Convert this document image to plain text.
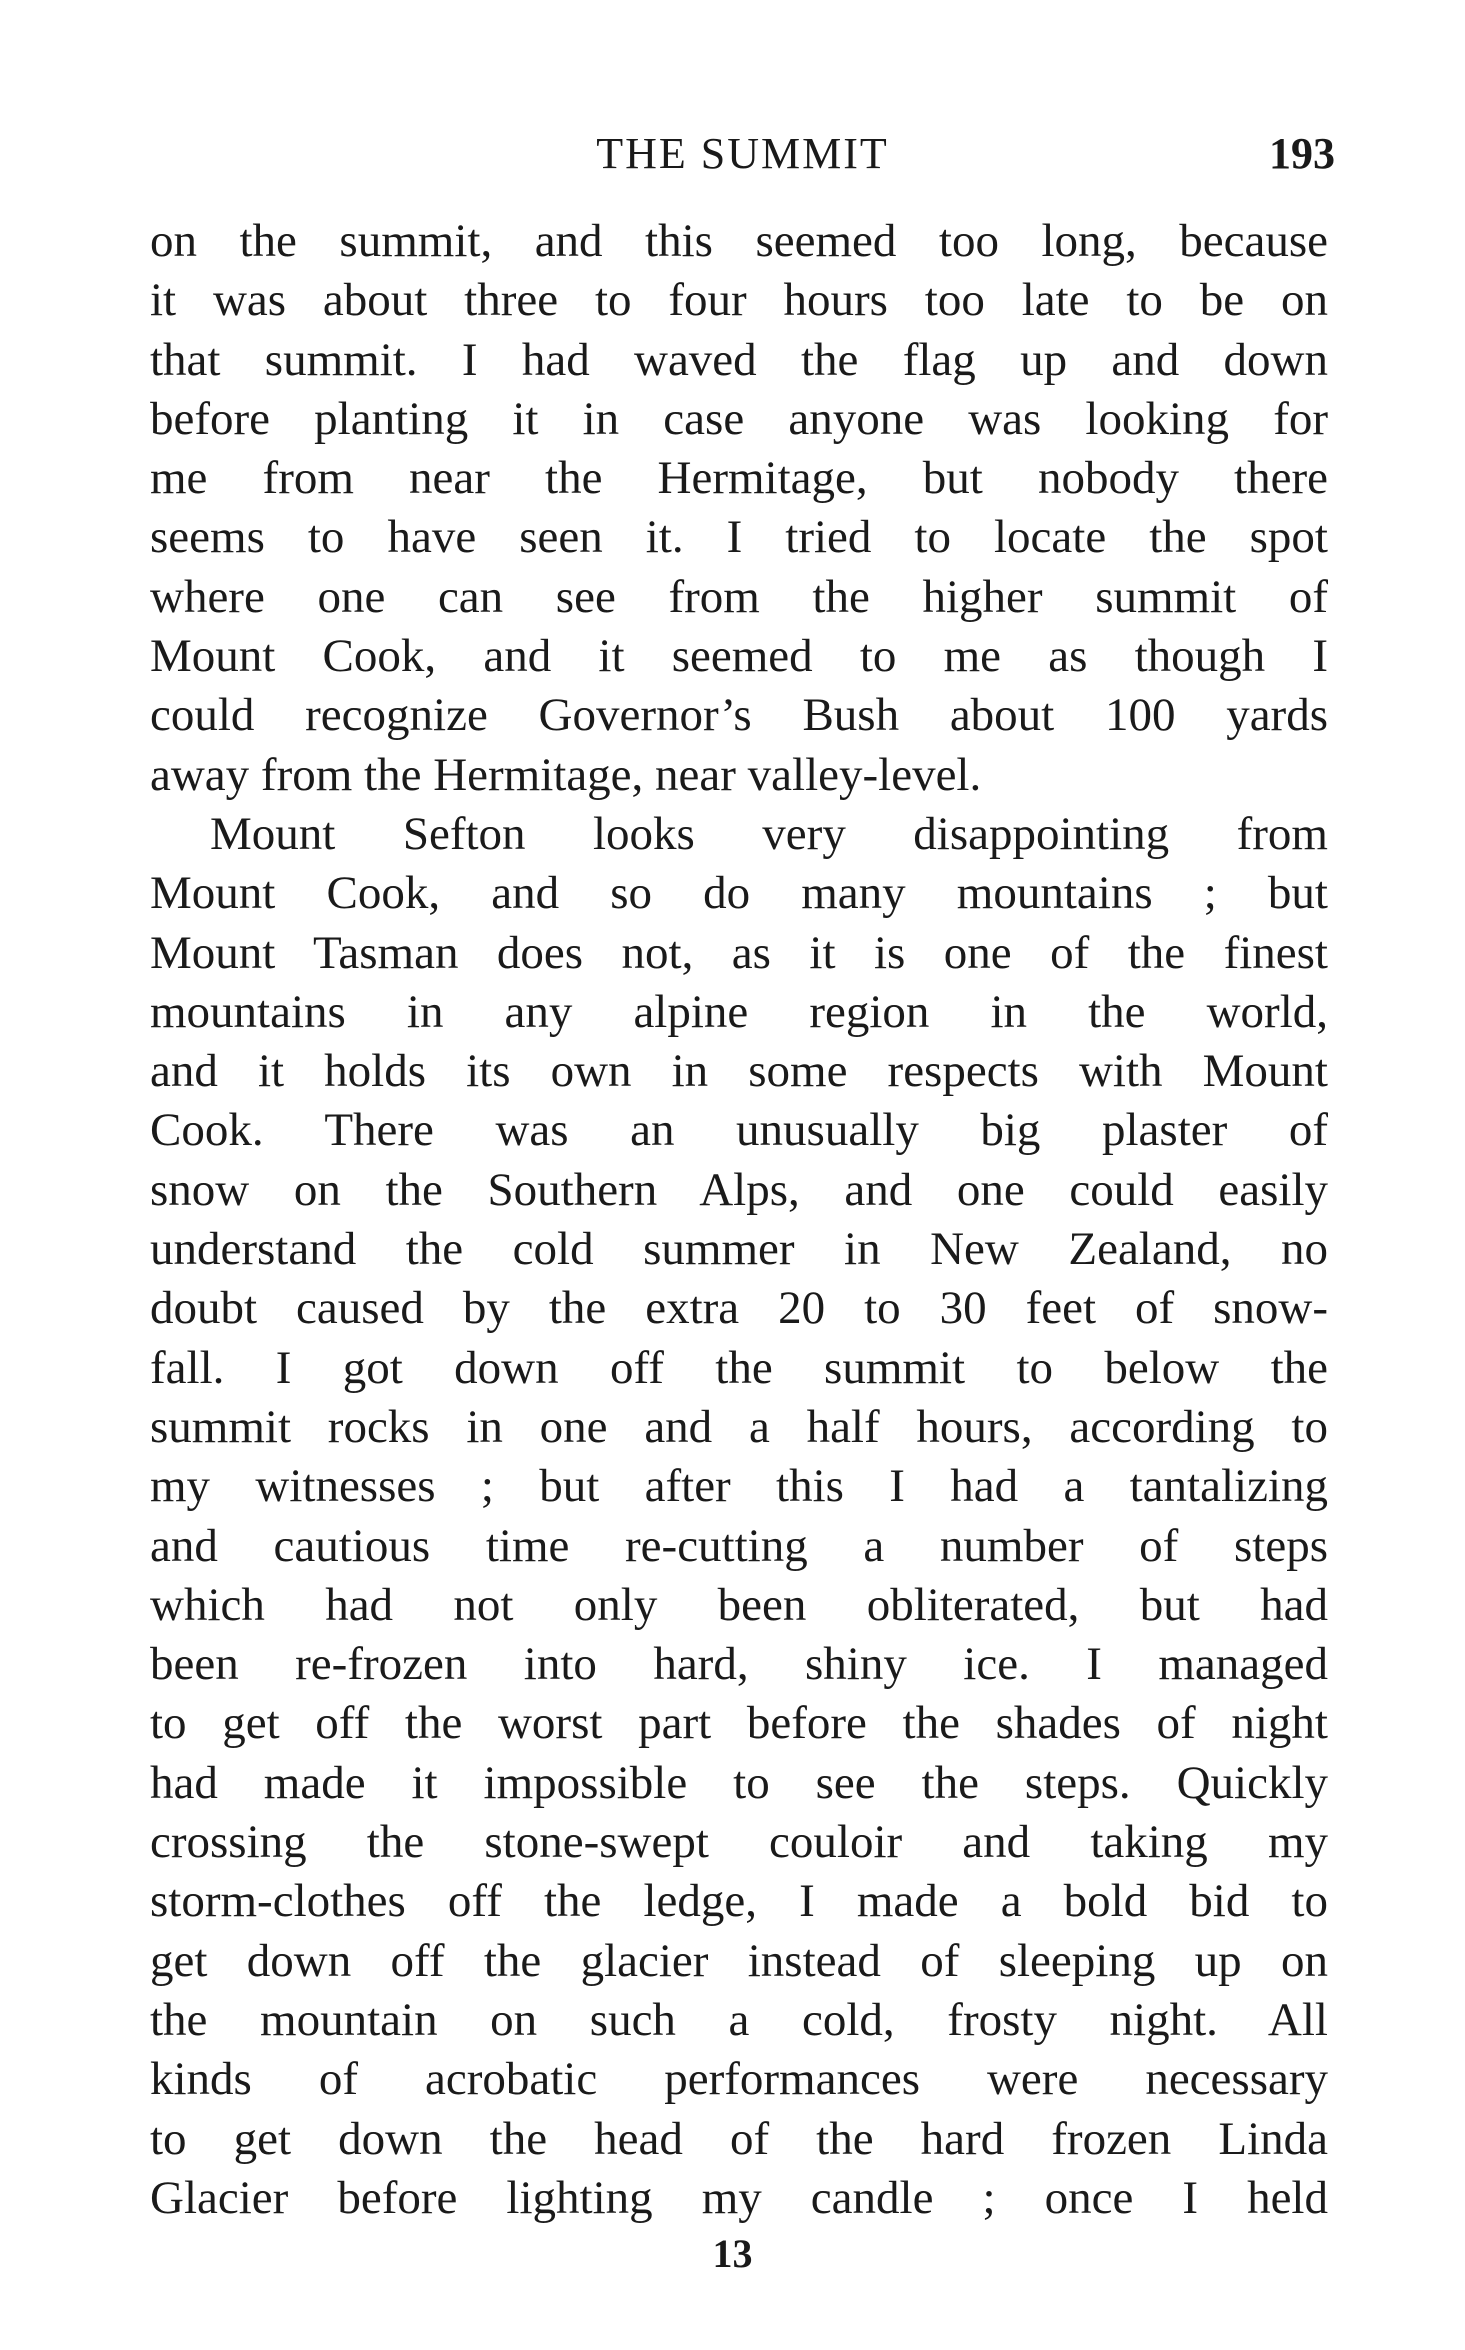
THE SUMMIT	193
on the summit, and this seemed too long, because
it was about three to four hours too late to be on
that summit. I had waved the flag up and down
before planting it in case anyone was looking for
me from near the Hermitage, but nobody there
seems to have seen it. I tried to locate the spot
where one can see from the higher summit of
Mount Cook, and it seemed to me as though I
could recognize Governor’s Bush about 100 yards
away from the Hermitage, near valley-level.
Mount Sefton looks very disappointing from
Mount Cook, and so do many mountains ; but
Mount Tasman does not, as it is one of the finest
mountains in any alpine region in the world,
and it holds its own in some respects with Mount
Cook. There was an unusually big plaster of
snow on the Southern Alps, and one could easily
understand the cold summer in New Zealand, no
doubt caused by the extra 20 to 30 feet of snow-
fall. I got down off the summit to below the
summit rocks in one and a half hours, according to
my witnesses ; but after this I had a tantalizing
and cautious time re-cutting a number of steps
which had not only been obliterated, but had
been re-frozen into hard, shiny ice. I managed
to get off the worst part before the shades of night
had made it impossible to see the steps. Quickly
crossing the stone-swept couloir and taking my
storm-clothes off the ledge, I made a bold bid to
get down off the glacier instead of sleeping up on
the mountain on such a cold, frosty night. All
kinds of acrobatic performances were necessary
to get down the head of the hard frozen Linda
Glacier before lighting my candle ; once I held
13
